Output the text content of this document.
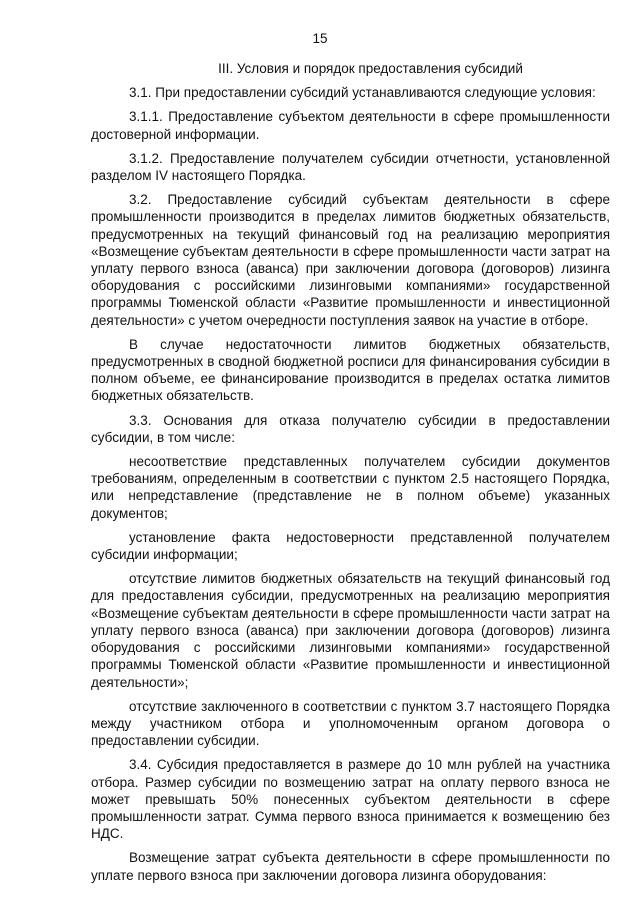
15

III. Условия и порядок предоставления субсидий

3.1. При предоставлении субсидий устанавливаются следующие условия:

3.1.1. Предоставление субъектом деятельности в сфере промышленности достоверной информации.

3.1.2. Предоставление получателем субсидии отчетности, установленной разделом IV настоящего Порядка.

3.2. Предоставление субсидий субъектам деятельности в сфере промышленности производится в пределах лимитов бюджетных обязательств, предусмотренных на текущий финансовый год на реализацию мероприятия «Возмещение субъектам деятельности в сфере промышленности части затрат на уплату первого взноса (аванса) при заключении договора (договоров) лизинга оборудования с российскими лизинговыми компаниями» государственной программы Тюменской области «Развитие промышленности и инвестиционной деятельности» с учетом очередности поступления заявок на участие в отборе.

В случае недостаточности лимитов бюджетных обязательств, предусмотренных в сводной бюджетной росписи для финансирования субсидии в полном объеме, ее финансирование производится в пределах остатка лимитов бюджетных обязательств.

3.3. Основания для отказа получателю субсидии в предоставлении субсидии, в том числе:

несоответствие представленных получателем субсидии документов требованиям, определенным в соответствии с пунктом 2.5 настоящего Порядка, или непредставление (представление не в полном объеме) указанных документов;

установление факта недостоверности представленной получателем субсидии информации;

отсутствие лимитов бюджетных обязательств на текущий финансовый год для предоставления субсидии, предусмотренных на реализацию мероприятия «Возмещение субъектам деятельности в сфере промышленности части затрат на уплату первого взноса (аванса) при заключении договора (договоров) лизинга оборудования с российскими лизинговыми компаниями» государственной программы Тюменской области «Развитие промышленности и инвестиционной деятельности»;

отсутствие заключенного в соответствии с пунктом 3.7 настоящего Порядка между участником отбора и уполномоченным органом договора о предоставлении субсидии.

3.4. Субсидия предоставляется в размере до 10 млн рублей на участника отбора. Размер субсидии по возмещению затрат на оплату первого взноса не может превышать 50% понесенных субъектом деятельности в сфере промышленности затрат. Сумма первого взноса принимается к возмещению без НДС.

Возмещение затрат субъекта деятельности в сфере промышленности по уплате первого взноса при заключении договора лизинга оборудования:
